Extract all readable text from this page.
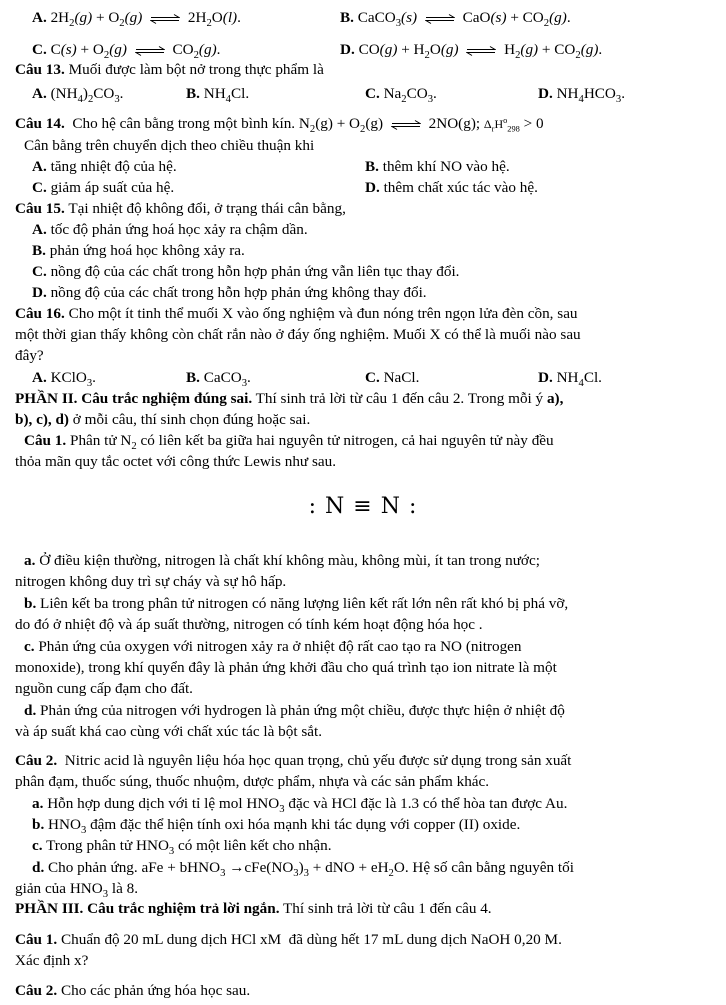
A. $2H_2(g) + O_2(g)$ ⇌ $2H_2O(l)$.	B. CaCO$_3$(s) ⇌ $CaO(s) + CO_2(g)$.
C. $C(s) + O_2(g)$ ⇌ $CO_2(g)$.	D. $CO(g) + H_2O(g)$ ⇌ $H_2(g) + CO_2(g)$.
Câu 13. Muối được làm bột nở trong thực phẩm là
A. $(NH_4)_2CO_3$.	B. $NH_4Cl$.	C. $Na_2CO_3$.	D. $NH_4HCO_3$.
Câu 14.  Cho hệ cân bằng trong một bình kín. $N_2(g) + O_2(g)$ ⇌ 2NO(g); $\Delta_rH^o_{298} > 0$
Cân bằng trên chuyển dịch theo chiều thuận khi
A. tăng nhiệt độ của hệ.	B. thêm khí NO vào hệ.
C. giảm áp suất của hệ.	D. thêm chất xúc tác vào hệ.
Câu 15. Tại nhiệt độ không đổi, ở trạng thái cân bằng,
A. tốc độ phản ứng hoá học xảy ra chậm dần.
B. phản ứng hoá học không xảy ra.
C. nồng độ của các chất trong hỗn hợp phản ứng vẫn liên tục thay đổi.
D. nồng độ của các chất trong hỗn hợp phản ứng không thay đổi.
Câu 16. Cho một ít tinh thể muối X vào ống nghiệm và đun nóng trên ngọn lửa đèn cồn, sau
một thời gian thấy không còn chất rắn nào ở đáy ống nghiệm. Muối X có thể là muối nào sau
đây?
A. KClO$_3$.	B. CaCO$_3$.	C. NaCl.	D. $NH_4Cl$.
PHẦN II. Câu trắc nghiệm đúng sai. Thí sinh trả lời từ câu 1 đến câu 2. Trong mỗi ý a),
b), c), d) ở mỗi câu, thí sinh chọn đúng hoặc sai.
Câu 1. Phân tử $N_2$ có liên kết ba giữa hai nguyên tử nitrogen, cả hai nguyên tử này đều
thỏa mãn quy tắc octet với công thức Lewis như sau.
a. Ở điều kiện thường, nitrogen là chất khí không màu, không mùi, ít tan trong nước;
nitrogen không duy trì sự cháy và sự hô hấp.
b. Liên kết ba trong phân tử nitrogen có năng lượng liên kết rất lớn nên rất khó bị phá vỡ,
do đó ở nhiệt độ và áp suất thường, nitrogen có tính kém hoạt động hóa học .
c. Phản ứng của oxygen với nitrogen xảy ra ở nhiệt độ rất cao tạo ra NO (nitrogen
monoxide), trong khí quyển đây là phản ứng khởi đầu cho quá trình tạo ion nitrate là một
nguồn cung cấp đạm cho đất.
d. Phản ứng của nitrogen với hydrogen là phản ứng một chiều, được thực hiện ở nhiệt độ
và áp suất khá cao cùng với chất xúc tác là bột sắt.
Câu 2.  Nitric acid là nguyên liệu hóa học quan trọng, chủ yếu được sử dụng trong sản xuất
phân đạm, thuốc súng, thuốc nhuộm, dược phẩm, nhựa và các sản phẩm khác.
a. Hỗn hợp dung dịch với tỉ lệ mol $HNO_3$ đặc và HCl đặc là 1.3 có thể hòa tan được Au.
b. $HNO_3$ đậm đặc thể hiện tính oxi hóa mạnh khi tác dụng với copper (II) oxide.
c. Trong phân tử $HNO_3$ có một liên kết cho nhận.
d. Cho phản ứng. aFe + bHNO$_3$ $\to cFe(NO_3)_3$ + dNO + $eH_2O$. Hệ số cân bằng nguyên tối
giản của $HNO_3$ là 8.
PHẦN III. Câu trắc nghiệm trả lời ngắn. Thí sinh trả lời từ câu 1 đến câu 4.
Câu 1. Chuẩn độ 20 mL dung dịch HCl xM  đã dùng hết 17 mL dung dịch NaOH 0,20 M.
Xác định x?
Câu 2. Cho các phản ứng hóa học sau.
: N ≡ N :
